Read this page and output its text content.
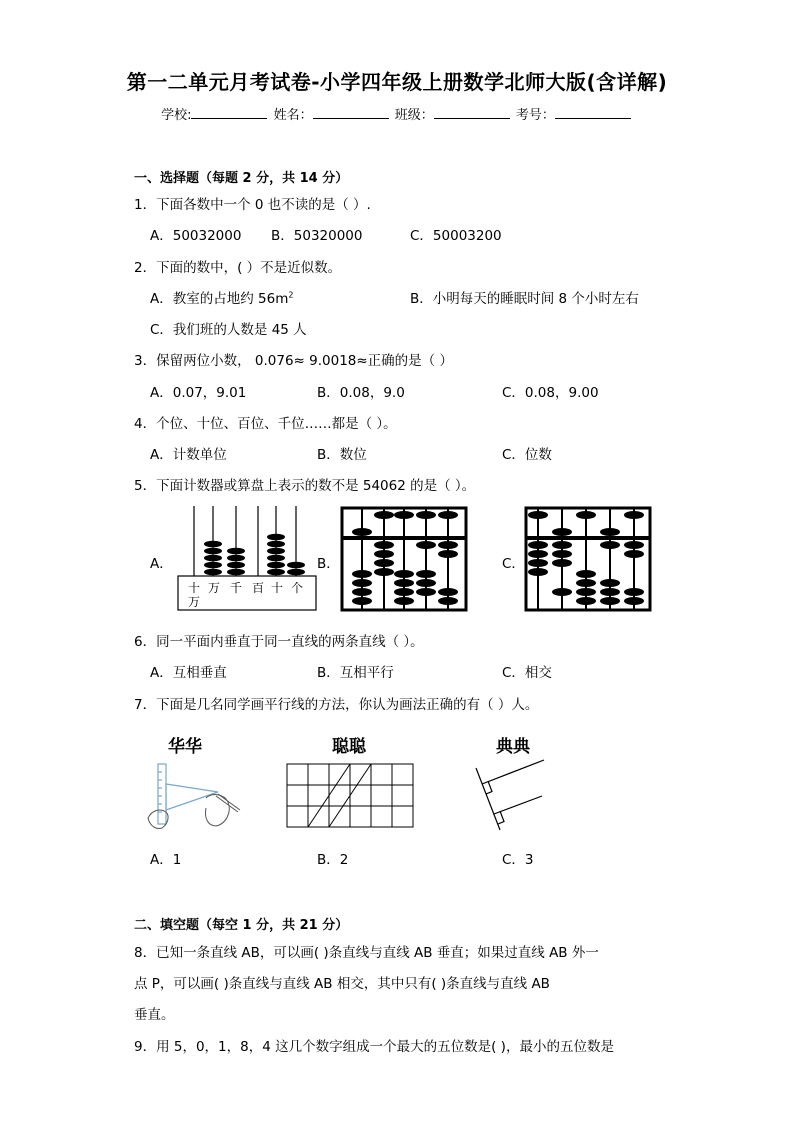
第一二单元月考试卷-小学四年级上册数学北师大版(含详解)
学校:	姓名：	班级：	考号：
一、选择题（每题 2 分，共 14 分）
1．下面各数中一个 0 也不读的是（ ）.
A．50032000 B．50320000	C．50003200
2．下面的数中，( ）不是近似数。
A．教室的占地约 $56m^2$	B．小明每天的睡眠时间 8 个小时左右
C．我们班的人数是 45 人
3．保留两位小数， 0.076≈ 9.0018≈正确的是（ ）
A．0.07，9.01	B．0.08，9.0	C．0.08，9.00
4．个位、十位、百位、千位……都是（ ）。
A．计数单位	B．数位	C．位数
5．下面计数器或算盘上表示的数不是 54062 的是（ ）。
A．	B．	C．
十 万 千 百 十 个
万
6．同一平面内垂直于同一直线的两条直线（ ）。
A．互相垂直	B．互相平行	C．相交
7．下面是几名同学画平行线的方法，你认为画法正确的有（ ）人。
华华	聪聪	典典
A．1	B．2	C．3
二、填空题（每空 1 分，共 21 分）
8．已知一条直线 AB，可以画( )条直线与直线 AB 垂直；如果过直线 AB 外一
点 P，可以画( )条直线与直线 AB 相交，其中只有( )条直线与直线 AB
垂直。
9．用 5，0，1，8，4 这几个数字组成一个最大的五位数是( )，最小的五位数是
